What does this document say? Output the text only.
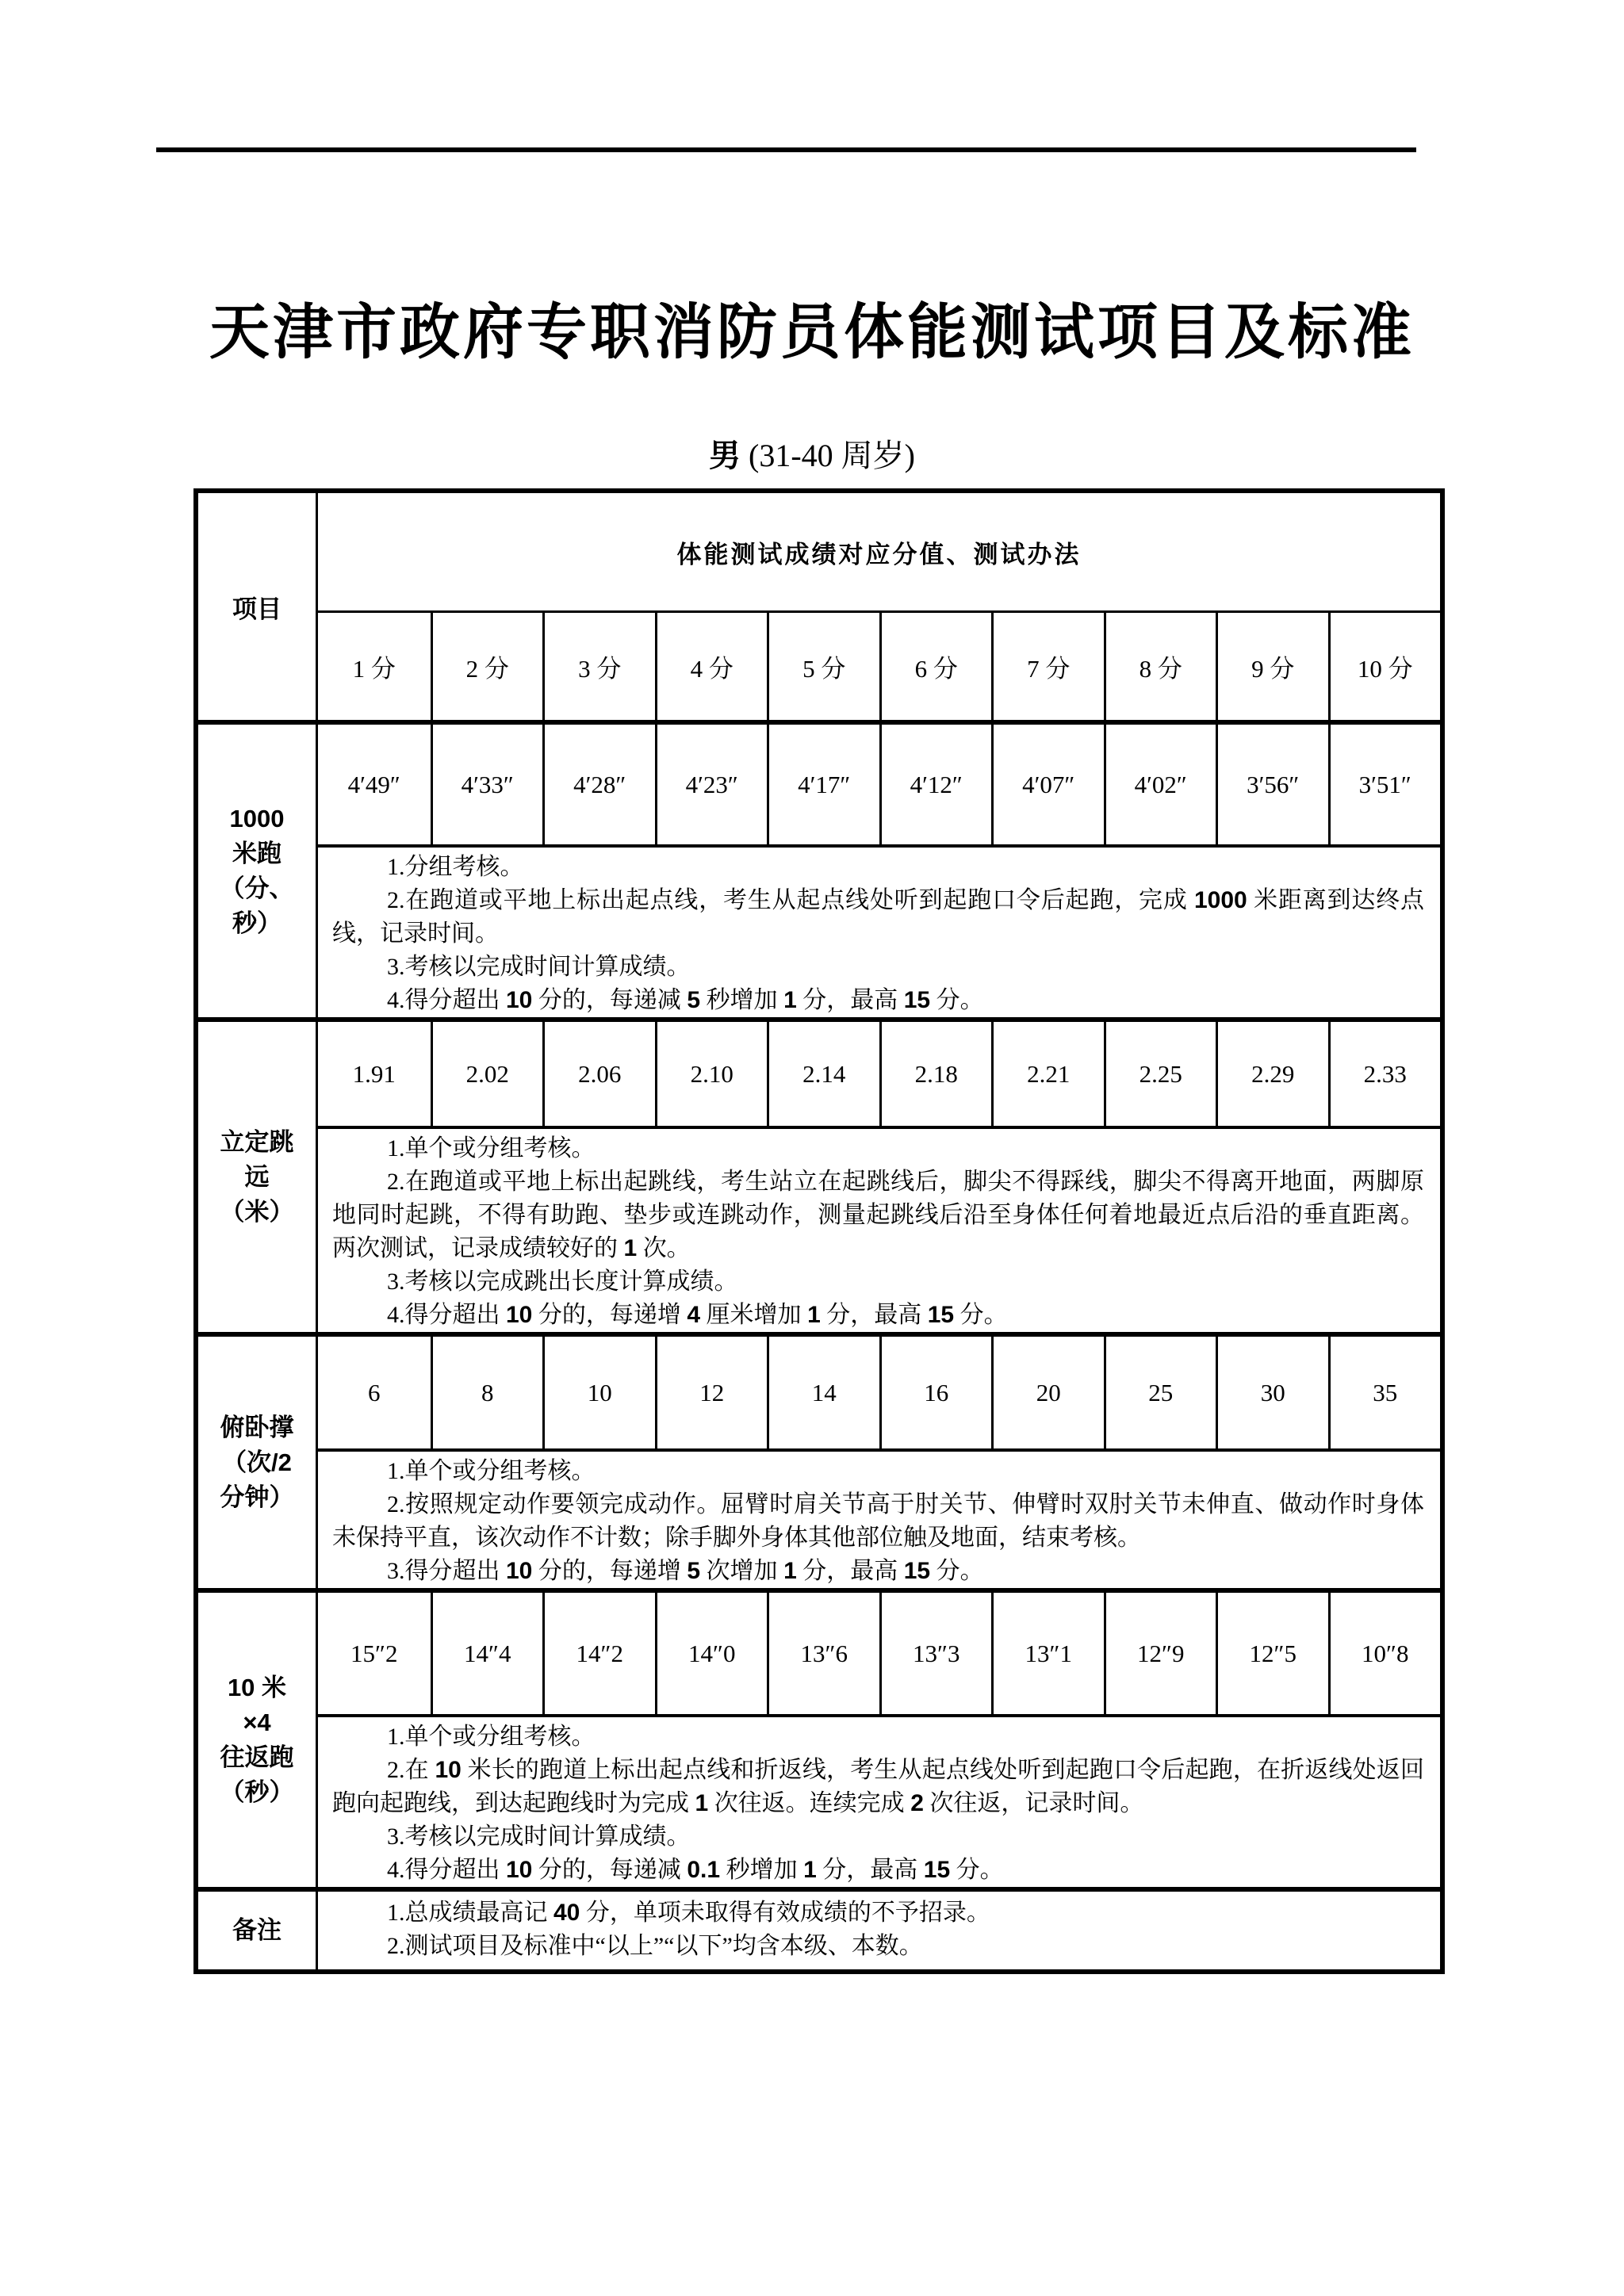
天津市政府专职消防员体能测试项目及标准
男 (31-40 周岁)
项目
体能测试成绩对应分值、测试办法
1 分	2 分	3 分	4 分	5 分	6 分	7 分	8 分	9 分	10 分
1000
米跑
（分、
秒）
4′49″	4′33″	4′28″	4′23″	4′17″	4′12″	4′07″	4′02″	3′56″	3′51″

1.分组考核。

2.在跑道或平地上标出起点线，考生从起点线处听到起跑口令后起跑，完成 1000 米距离到达终点线，记录时间。

3.考核以完成时间计算成绩。

4.得分超出 10 分的，每递减 5 秒增加 1 分，最高 15 分。

立定跳
远
（米）
1.91	2.02	2.06	2.10	2.14	2.18	2.21	2.25	2.29	2.33

1.单个或分组考核。

2.在跑道或平地上标出起跳线，考生站立在起跳线后，脚尖不得踩线，脚尖不得离开地面，两脚原地同时起跳，不得有助跑、垫步或连跳动作，测量起跳线后沿至身体任何着地最近点后沿的垂直距离。两次测试，记录成绩较好的 1 次。

3.考核以完成跳出长度计算成绩。

4.得分超出 10 分的，每递增 4 厘米增加 1 分，最高 15 分。

俯卧撑
（次/2
分钟）
6	8	10	12	14	16	20	25	30	35

1.单个或分组考核。

2.按照规定动作要领完成动作。屈臂时肩关节高于肘关节、伸臂时双肘关节未伸直、做动作时身体未保持平直，该次动作不计数；除手脚外身体其他部位触及地面，结束考核。

3.得分超出 10 分的，每递增 5 次增加 1 分，最高 15 分。

10 米
×4
往返跑
（秒）
15″2	14″4	14″2	14″0	13″6	13″3	13″1	12″9	12″5	10″8

1.单个或分组考核。

2.在 10 米长的跑道上标出起点线和折返线，考生从起点线处听到起跑口令后起跑，在折返线处返回跑向起跑线，到达起跑线时为完成 1 次往返。连续完成 2 次往返，记录时间。

3.考核以完成时间计算成绩。

4.得分超出 10 分的，每递减 0.1 秒增加 1 分，最高 15 分。

备注

1.总成绩最高记 40 分，单项未取得有效成绩的不予招录。

2.测试项目及标准中“以上”“以下”均含本级、本数。
